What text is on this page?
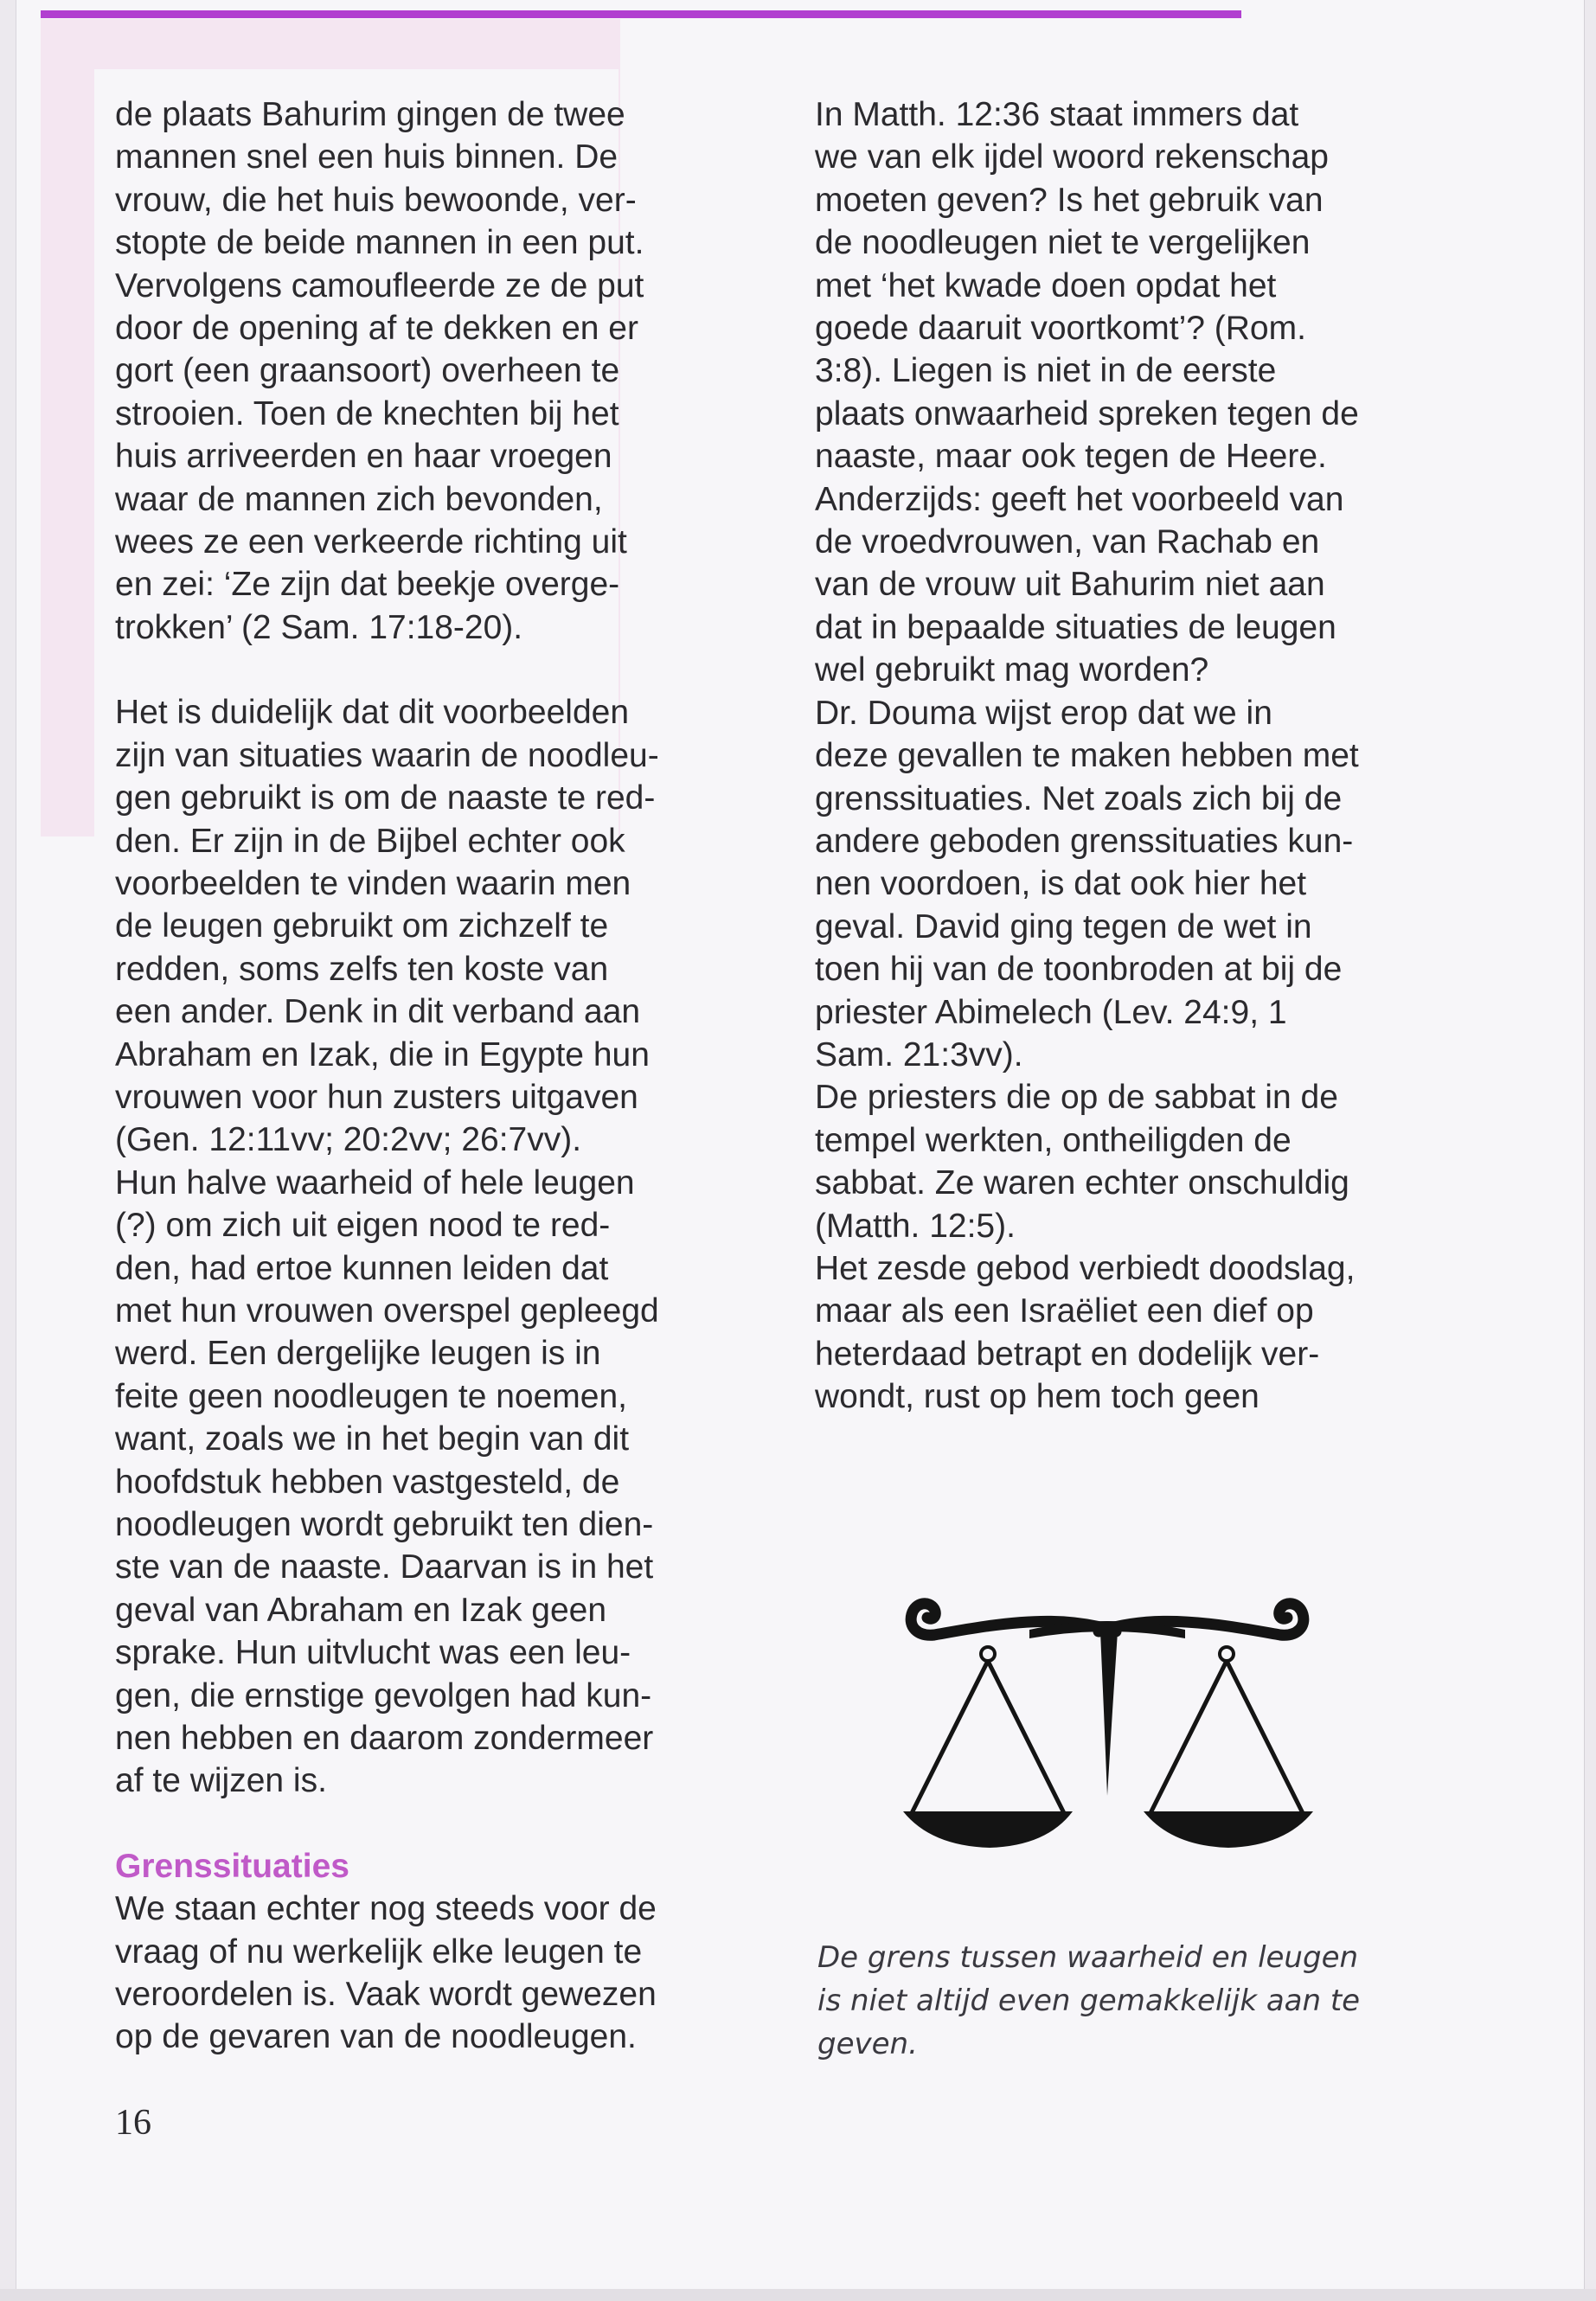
de plaats Bahurim gingen de twee
mannen snel een huis binnen. De
vrouw, die het huis bewoonde, ver-
stopte de beide mannen in een put.
Vervolgens camoufleerde ze de put
door de opening af te dekken en er
gort (een graansoort) overheen te
strooien. Toen de knechten bij het
huis arriveerden en haar vroegen
waar de mannen zich bevonden,
wees ze een verkeerde richting uit
en zei: ‘Ze zijn dat beekje overge-
trokken’ (2 Sam. 17:18-20).

Het is duidelijk dat dit voorbeelden
zijn van situaties waarin de noodleu-
gen gebruikt is om de naaste te red-
den. Er zijn in de Bijbel echter ook
voorbeelden te vinden waarin men
de leugen gebruikt om zichzelf te
redden, soms zelfs ten koste van
een ander. Denk in dit verband aan
Abraham en Izak, die in Egypte hun
vrouwen voor hun zusters uitgaven
(Gen. 12:11vv; 20:2vv; 26:7vv).
Hun halve waarheid of hele leugen
(?) om zich uit eigen nood te red-
den, had ertoe kunnen leiden dat
met hun vrouwen overspel gepleegd
werd. Een dergelijke leugen is in
feite geen noodleugen te noemen,
want, zoals we in het begin van dit
hoofdstuk hebben vastgesteld, de
noodleugen wordt gebruikt ten dien-
ste van de naaste. Daarvan is in het
geval van Abraham en Izak geen
sprake. Hun uitvlucht was een leu-
gen, die ernstige gevolgen had kun-
nen hebben en daarom zondermeer
af te wijzen is.

Grenssituaties

We staan echter nog steeds voor de
vraag of nu werkelijk elke leugen te
veroordelen is. Vaak wordt gewezen
op de gevaren van de noodleugen.

In Matth. 12:36 staat immers dat
we van elk ijdel woord rekenschap
moeten geven? Is het gebruik van
de noodleugen niet te vergelijken
met ‘het kwade doen opdat het
goede daaruit voortkomt’? (Rom.
3:8). Liegen is niet in de eerste
plaats onwaarheid spreken tegen de
naaste, maar ook tegen de Heere.
Anderzijds: geeft het voorbeeld van
de vroedvrouwen, van Rachab en
van de vrouw uit Bahurim niet aan
dat in bepaalde situaties de leugen
wel gebruikt mag worden?

Dr. Douma wijst erop dat we in
deze gevallen te maken hebben met
grenssituaties. Net zoals zich bij de
andere geboden grenssituaties kun-
nen voordoen, is dat ook hier het
geval. David ging tegen de wet in
toen hij van de toonbroden at bij de
priester Abimelech (Lev. 24:9, 1
Sam. 21:3vv).

De priesters die op de sabbat in de
tempel werkten, ontheiligden de
sabbat. Ze waren echter onschuldig
(Matth. 12:5).

Het zesde gebod verbiedt doodslag,
maar als een Israëliet een dief op
heterdaad betrapt en dodelijk ver-
wondt, rust op hem toch geen

De grens tussen waarheid en leugen
is niet altijd even gemakkelijk aan te
geven.
16
